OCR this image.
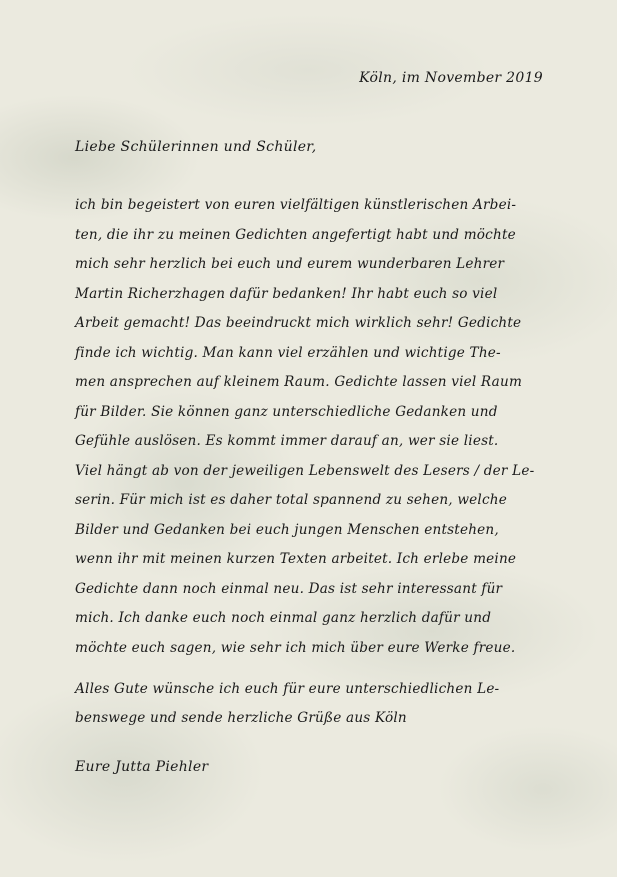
Köln, im November 2019
Liebe Schülerinnen und Schüler,
ich bin begeistert von euren vielfältigen künstlerischen Arbei-
ten, die ihr zu meinen Gedichten angefertigt habt und möchte
mich sehr herzlich bei euch und eurem wunderbaren Lehrer
Martin Richerzhagen dafür bedanken! Ihr habt euch so viel
Arbeit gemacht! Das beeindruckt mich wirklich sehr! Gedichte
finde ich wichtig. Man kann viel erzählen und wichtige The-
men ansprechen auf kleinem Raum. Gedichte lassen viel Raum
für Bilder. Sie können ganz unterschiedliche Gedanken und
Gefühle auslösen. Es kommt immer darauf an, wer sie liest.
Viel hängt ab von der jeweiligen Lebenswelt des Lesers / der Le-
serin. Für mich ist es daher total spannend zu sehen, welche
Bilder und Gedanken bei euch jungen Menschen entstehen,
wenn ihr mit meinen kurzen Texten arbeitet. Ich erlebe meine
Gedichte dann noch einmal neu. Das ist sehr interessant für
mich. Ich danke euch noch einmal ganz herzlich dafür und
möchte euch sagen, wie sehr ich mich über eure Werke freue.
Alles Gute wünsche ich euch für eure unterschiedlichen Le-
benswege und sende herzliche Grüße aus Köln
Eure Jutta Piehler
